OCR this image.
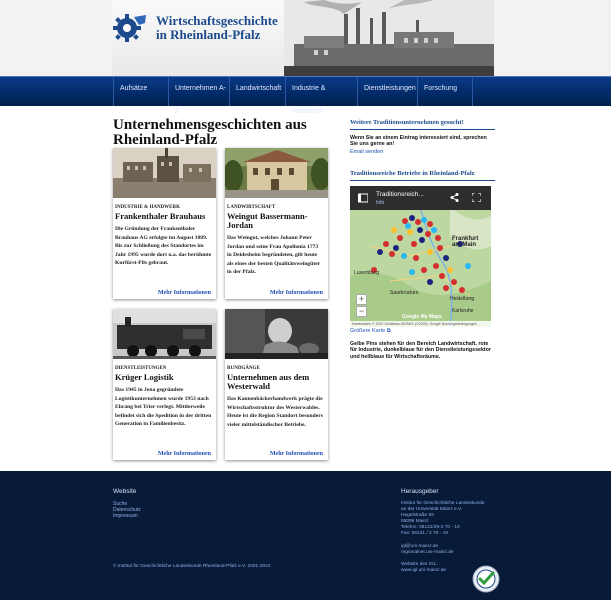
Wirtschaftsgeschichte
in Rheinland-Pfalz
Aufsätze	Unternehmen A-Z
Landwirtschaft	Industrie & Handwerk
Dienstleistungen	Forschung
Unternehmensgeschichten aus Rheinland-Pfalz
INDUSTRIE & HANDWERK
Frankenthaler Brauhaus
Die Gründung der Frankenthaler Brauhaus AG erfolgte im August 1889. Bis zur Schließung des Standortes im Jahr 1995 wurde dort u.a. das berühmte Kurfürst-Pils gebraut.
Mehr Informationen
LANDWIRTSCHAFT
Weingut Bassermann-Jordan
Das Weingut, welches Johann Peter Jordan und seine Frau Apollonia 1773 in Deidesheim begründeten, gilt heute als eines der besten Qualitätsweingüter in der Pfalz.
Mehr Informationen
DIENSTLEISTUNGEN
Krüger Logistik
Das 1945 in Jena gegründete Logistikunternehmen wurde 1953 nach Ehrang bei Trier verlegt. Mittlerweile befindet sich die Spedition in der dritten Generation in Familienbesitz.
Mehr Informationen
RUNDGÄNGE
Unternehmen aus dem Westerwald
Das Kannenbäckerhandwerk prägte die Wirtschaftsstruktur des Westerwaldes. Heute ist die Region Standort besonders vieler mittelständischer Betriebe.
Mehr Informationen
Weitere Traditionsunternehmen gesucht!
Wenn Sie an einem Eintrag interessiert sind, sprechen Sie uns gerne an!
Email senden
Traditionsreiche Betriebe in Rheinland-Pfalz
Frankfurt
am Main
Luxemburg
Saarbrücken
Heidelberg
Karlsruhe
Traditionsreich...
Info
+
−
Google My Maps
Kartendaten © 2022 GeoBasis-DE/BKG (©2009), Google Nutzungsbedingungen
Größere Karte ⧉
Gelbe Pins stehen für den Bereich Landwirtschaft, rote für Industrie, dunkelblaue für den Dienstleistungssektor und hellblaue für Wirtschaftsräume.
Website
Suche
Datenschutz
Impressum
Herausgeber
Institut für Geschichtliche Landeskunde
an der Universität Mainz e.V.
Hegelstraße 59
55099 Mainz
Telefon: 06131/39-2 70 - 10
Fax: 06131 / 2 70 - 19
igl@uni-mainz.de
regionalnet.uni-mainz.de
Website des IGL:
www.igl.uni-mainz.de
© Institut für Geschichtliche Landeskunde Rheinland-Pfalz e.V. 2001-2022
